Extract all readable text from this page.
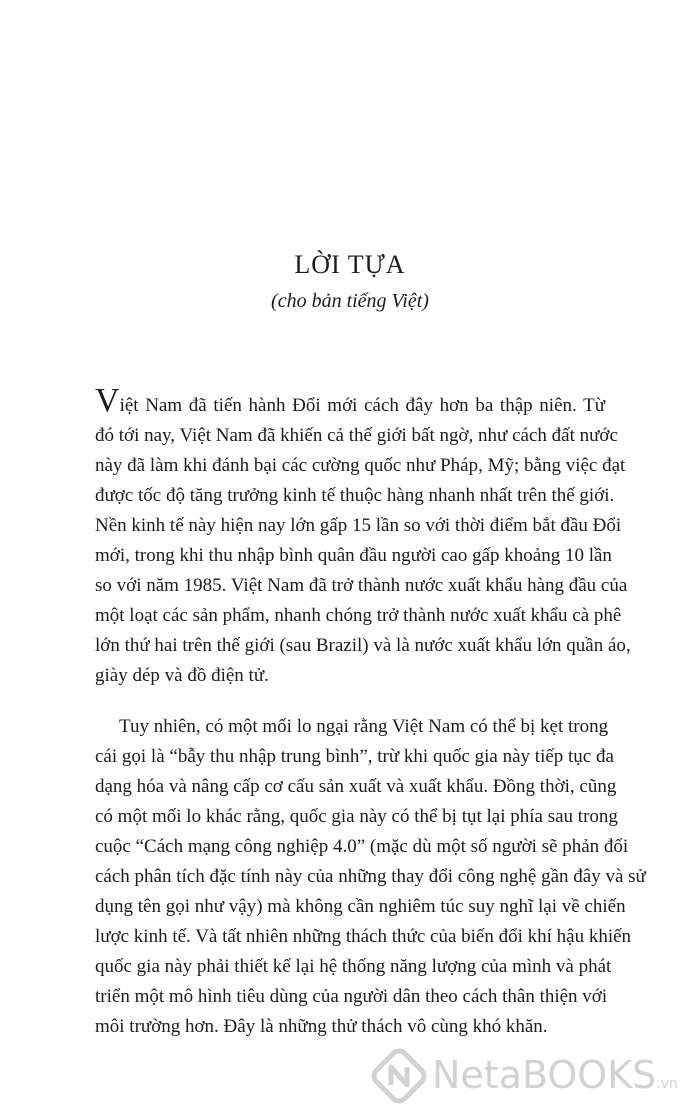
LỜI TỰA
(cho bản tiếng Việt)
Việt Nam đã tiến hành Đổi mới cách đây hơn ba thập niên. Từ
đó tới nay, Việt Nam đã khiến cả thế giới bất ngờ, như cách đất nước
này đã làm khi đánh bại các cường quốc như Pháp, Mỹ; bằng việc đạt
được tốc độ tăng trưởng kinh tế thuộc hàng nhanh nhất trên thế giới.
Nền kinh tế này hiện nay lớn gấp 15 lần so với thời điểm bắt đầu Đổi
mới, trong khi thu nhập bình quân đầu người cao gấp khoảng 10 lần
so với năm 1985. Việt Nam đã trở thành nước xuất khẩu hàng đầu của
một loạt các sản phẩm, nhanh chóng trở thành nước xuất khẩu cà phê
lớn thứ hai trên thế giới (sau Brazil) và là nước xuất khẩu lớn quần áo,
giày dép và đồ điện tử.
Tuy nhiên, có một mối lo ngại rằng Việt Nam có thể bị kẹt trong
cái gọi là “bẫy thu nhập trung bình”, trừ khi quốc gia này tiếp tục đa
dạng hóa và nâng cấp cơ cấu sản xuất và xuất khẩu. Đồng thời, cũng
có một mối lo khác rằng, quốc gia này có thể bị tụt lại phía sau trong
cuộc “Cách mạng công nghiệp 4.0” (mặc dù một số người sẽ phản đối
cách phân tích đặc tính này của những thay đổi công nghệ gần đây và sử
dụng tên gọi như vậy) mà không cần nghiêm túc suy nghĩ lại về chiến
lược kinh tế. Và tất nhiên những thách thức của biến đổi khí hậu khiến
quốc gia này phải thiết kế lại hệ thống năng lượng của mình và phát
triển một mô hình tiêu dùng của người dân theo cách thân thiện với
môi trường hơn. Đây là những thử thách vô cùng khó khăn.
NetaBOOKS.vn
